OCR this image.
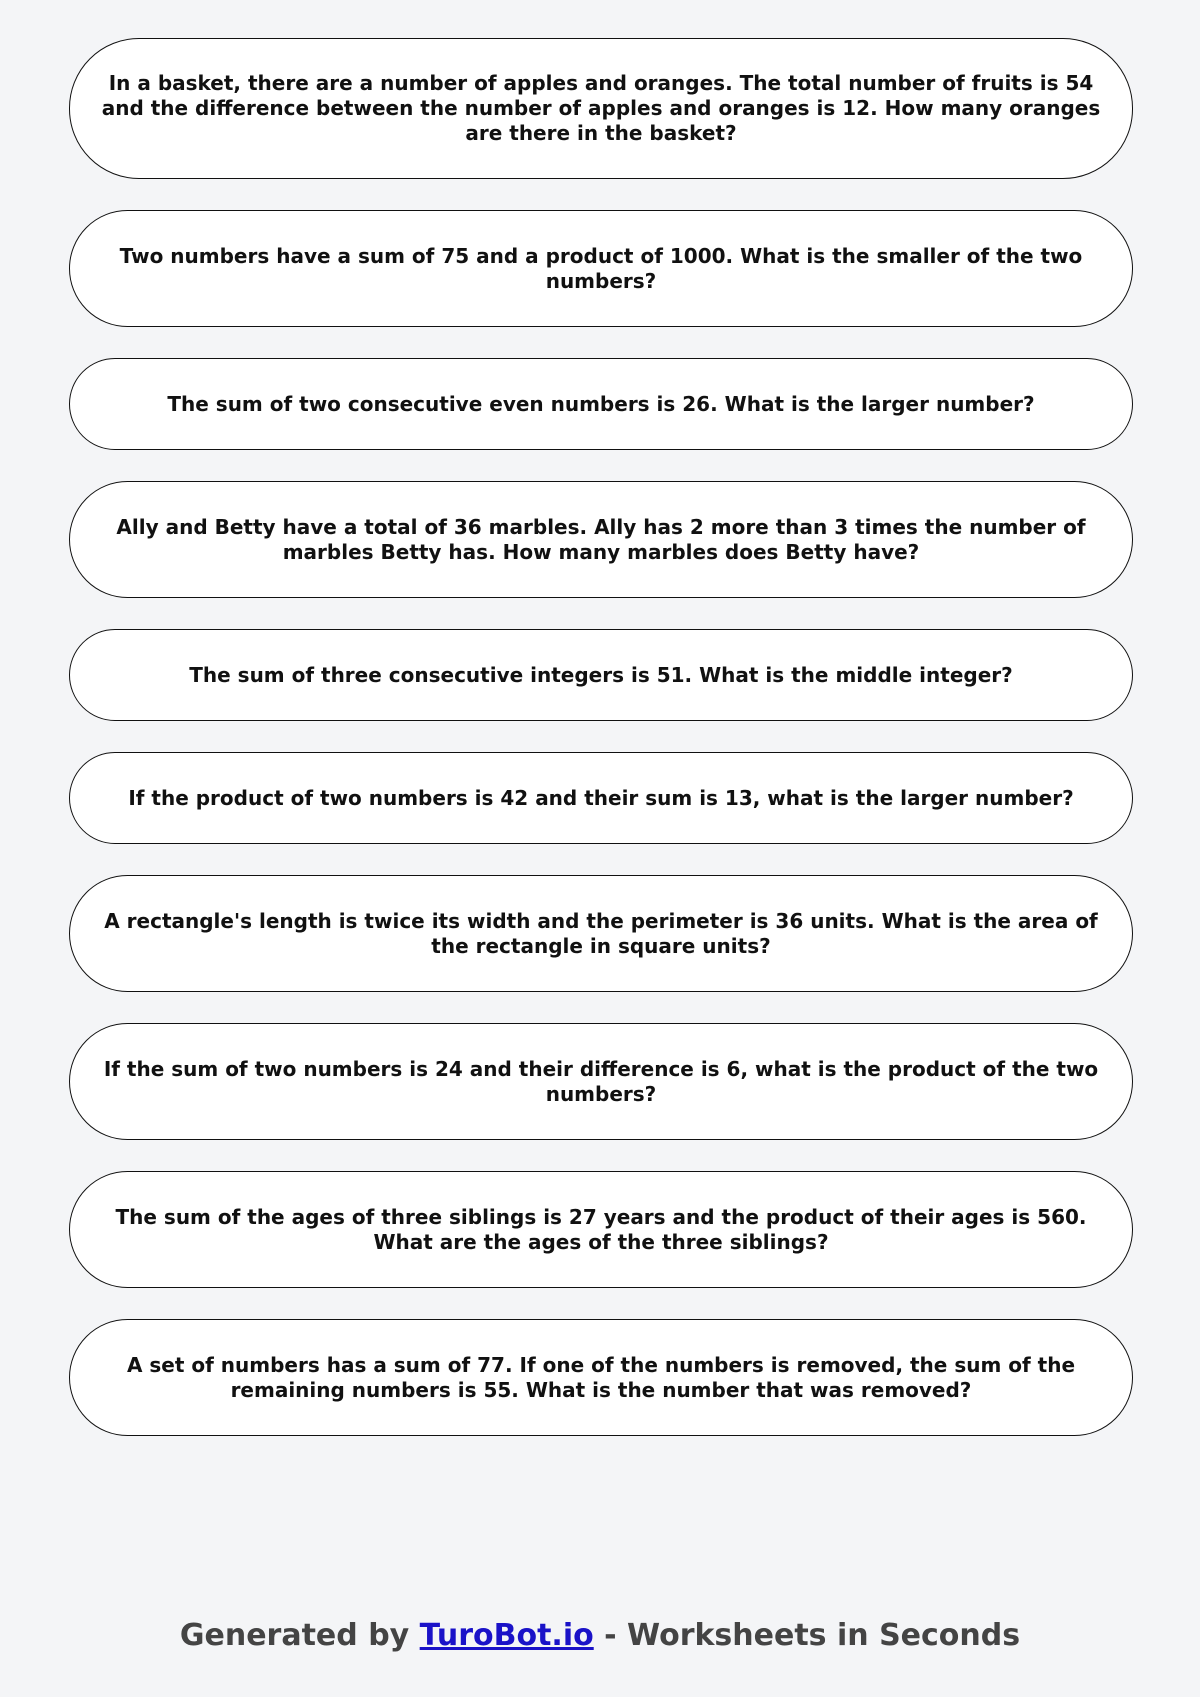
In a basket, there are a number of apples and oranges. The total number of fruits is 54 and the difference between the number of apples and oranges is 12. How many oranges are there in the basket?
Two numbers have a sum of 75 and a product of 1000. What is the smaller of the two numbers?
The sum of two consecutive even numbers is 26. What is the larger number?
Ally and Betty have a total of 36 marbles. Ally has 2 more than 3 times the number of marbles Betty has. How many marbles does Betty have?
The sum of three consecutive integers is 51. What is the middle integer?
If the product of two numbers is 42 and their sum is 13, what is the larger number?
A rectangle's length is twice its width and the perimeter is 36 units. What is the area of the rectangle in square units?
If the sum of two numbers is 24 and their difference is 6, what is the product of the two numbers?
The sum of the ages of three siblings is 27 years and the product of their ages is 560. What are the ages of the three siblings?
A set of numbers has a sum of 77. If one of the numbers is removed, the sum of the remaining numbers is 55. What is the number that was removed?
Generated by TuroBot.io - Worksheets in Seconds
